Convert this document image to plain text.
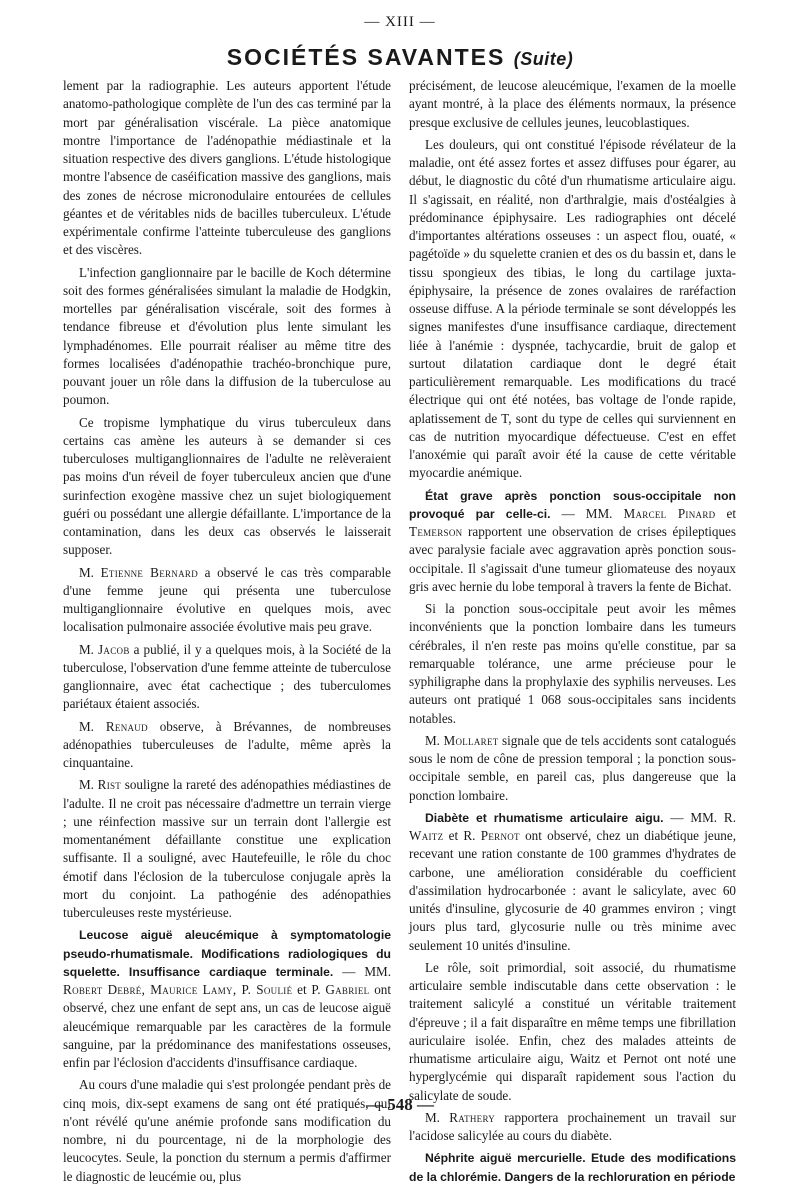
— XIII —
SOCIÉTÉS SAVANTES (Suite)

lement par la radiographie. Les auteurs apportent l'étude anatomo-pathologique complète de l'un des cas terminé par la mort par généralisation viscérale. La pièce anatomique montre l'importance de l'adénopathie médiastinale et la situation respective des divers ganglions. L'étude histologique montre l'absence de caséification massive des ganglions, mais des zones de nécrose micronodulaire entourées de cellules géantes et de véritables nids de bacilles tuberculeux. L'étude expérimentale confirme l'atteinte tuberculeuse des ganglions et des viscères.

L'infection ganglionnaire par le bacille de Koch détermine soit des formes généralisées simulant la maladie de Hodgkin, mortelles par généralisation viscérale, soit des formes à tendance fibreuse et d'évolution plus lente simulant les lymphadénomes. Elle pourrait réaliser au même titre des formes localisées d'adénopathie trachéo-bronchique pure, pouvant jouer un rôle dans la diffusion de la tuberculose au poumon.

Ce tropisme lymphatique du virus tuberculeux dans certains cas amène les auteurs à se demander si ces tuberculoses multiganglionnaires de l'adulte ne relèveraient pas moins d'un réveil de foyer tuberculeux ancien que d'une surinfection exogène massive chez un sujet biologiquement guéri ou possédant une allergie défaillante. L'importance de la contamination, dans les deux cas observés le laisserait supposer.

M. Etienne Bernard a observé le cas très comparable d'une femme jeune qui présenta une tuberculose multiganglionnaire évolutive en quelques mois, avec localisation pulmonaire associée évolutive mais peu grave.

M. Jacob a publié, il y a quelques mois, à la Société de la tuberculose, l'observation d'une femme atteinte de tuberculose ganglionnaire, avec état cachectique ; des tuberculomes pariétaux étaient associés.

M. Renaud observe, à Brévannes, de nombreuses adénopathies tuberculeuses de l'adulte, même après la cinquantaine.

M. Rist souligne la rareté des adénopathies médiastines de l'adulte. Il ne croit pas nécessaire d'admettre un terrain vierge ; une réinfection massive sur un terrain dont l'allergie est momentanément défaillante constitue une explication suffisante. Il a souligné, avec Hautefeuille, le rôle du choc émotif dans l'éclosion de la tuberculose conjugale après la mort du conjoint. La pathogénie des adénopathies tuberculeuses reste mystérieuse.

Leucose aiguë aleucémique à symptomatologie pseudo-rhumatismale. Modifications radiologiques du squelette. Insuffisance cardiaque terminale. — MM. Robert Debré, Maurice Lamy, P. Soulié et P. Gabriel ont observé, chez une enfant de sept ans, un cas de leucose aiguë aleucémique remarquable par les caractères de la formule sanguine, par la prédominance des manifestations osseuses, enfin par l'éclosion d'accidents d'insuffisance cardiaque.

Au cours d'une maladie qui s'est prolongée pendant près de cinq mois, dix-sept examens de sang ont été pratiqués, qui n'ont révélé qu'une anémie profonde sans modification du nombre, ni du pourcentage, ni de la morphologie des leucocytes. Seule, la ponction du sternum a permis d'affirmer le diagnostic de leucémie ou, plus

précisément, de leucose aleucémique, l'examen de la moelle ayant montré, à la place des éléments normaux, la présence presque exclusive de cellules jeunes, leucoblastiques.

Les douleurs, qui ont constitué l'épisode révélateur de la maladie, ont été assez fortes et assez diffuses pour égarer, au début, le diagnostic du côté d'un rhumatisme articulaire aigu. Il s'agissait, en réalité, non d'arthralgie, mais d'ostéalgies à prédominance épiphysaire. Les radiographies ont décelé d'importantes altérations osseuses : un aspect flou, ouaté, « pagétoïde » du squelette cranien et des os du bassin et, dans le tissu spongieux des tibias, le long du cartilage juxta-épiphysaire, la présence de zones ovalaires de raréfaction osseuse diffuse. A la période terminale se sont développés les signes manifestes d'une insuffisance cardiaque, directement liée à l'anémie : dyspnée, tachycardie, bruit de galop et surtout dilatation cardiaque dont le degré était particulièrement remarquable. Les modifications du tracé électrique qui ont été notées, bas voltage de l'onde rapide, aplatissement de T, sont du type de celles qui surviennent en cas de nutrition myocardique défectueuse. C'est en effet l'anoxémie qui paraît avoir été la cause de cette véritable myocardie anémique.

État grave après ponction sous-occipitale non provoqué par celle-ci. — MM. Marcel Pinard et Temerson rapportent une observation de crises épileptiques avec paralysie faciale avec aggravation après ponction sous-occipitale. Il s'agissait d'une tumeur gliomateuse des noyaux gris avec hernie du lobe temporal à travers la fente de Bichat.

Si la ponction sous-occipitale peut avoir les mêmes inconvénients que la ponction lombaire dans les tumeurs cérébrales, il n'en reste pas moins qu'elle constitue, par sa remarquable tolérance, une arme précieuse pour le syphiligraphe dans la prophylaxie des syphilis nerveuses. Les auteurs ont pratiqué 1 068 sous-occipitales sans incidents notables.

M. Mollaret signale que de tels accidents sont catalogués sous le nom de cône de pression temporal ; la ponction sous-occipitale semble, en pareil cas, plus dangereuse que la ponction lombaire.

Diabète et rhumatisme articulaire aigu. — MM. R. Waitz et R. Pernot ont observé, chez un diabétique jeune, recevant une ration constante de 100 grammes d'hydrates de carbone, une amélioration considérable du coefficient d'assimilation hydrocarbonée : avant le salicylate, avec 60 unités d'insuline, glycosurie de 40 grammes environ ; vingt jours plus tard, glycosurie nulle ou très minime avec seulement 10 unités d'insuline.

Le rôle, soit primordial, soit associé, du rhumatisme articulaire semble indiscutable dans cette observation : le traitement salicylé a constitué un véritable traitement d'épreuve ; il a fait disparaître en même temps une fibrillation auriculaire isolée. Enfin, chez des malades atteints de rhumatisme articulaire aigu, Waitz et Pernot ont noté une hyperglycémie qui disparaît rapidement sous l'action du salicylate de soude.

M. Rathery rapportera prochainement un travail sur l'acidose salicylée au cours du diabète.

Néphrite aiguë mercurielle. Etude des modifications de la chlorémie. Dangers de la rechloruration en période

— 548 —
